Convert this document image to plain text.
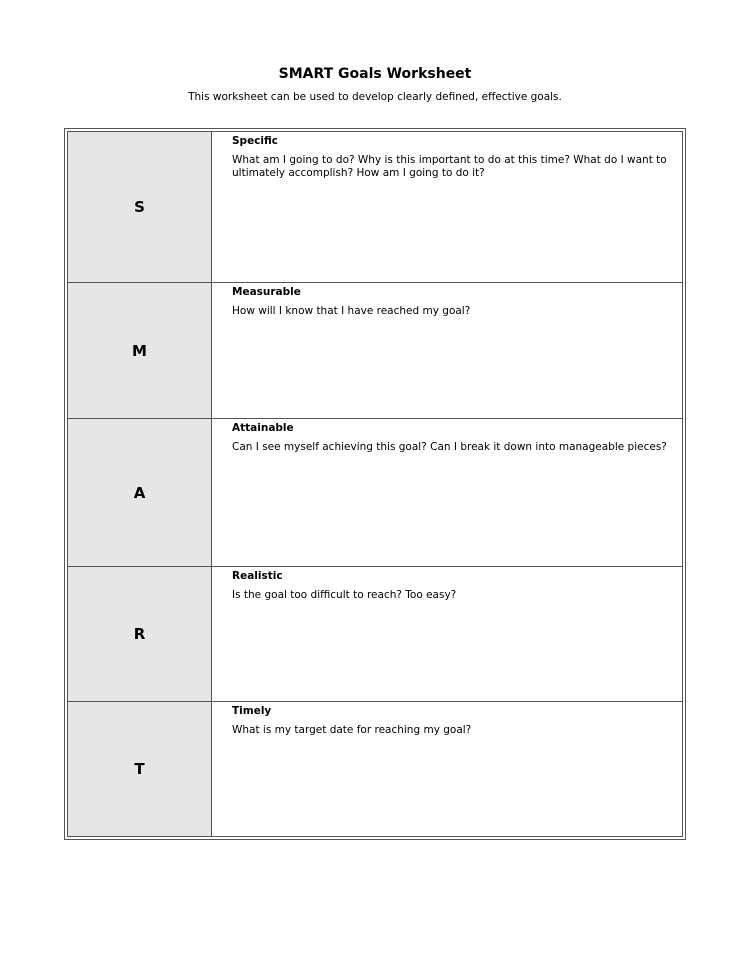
SMART Goals Worksheet
This worksheet can be used to develop clearly defined, effective goals.
S
Specific
What am I going to do? Why is this important to do at this time? What do I want to ultimately accomplish? How am I going to do it?
M
Measurable
How will I know that I have reached my goal?
A
Attainable
Can I see myself achieving this goal? Can I break it down into manageable pieces?
R
Realistic
Is the goal too difficult to reach? Too easy?
T
Timely
What is my target date for reaching my goal?
